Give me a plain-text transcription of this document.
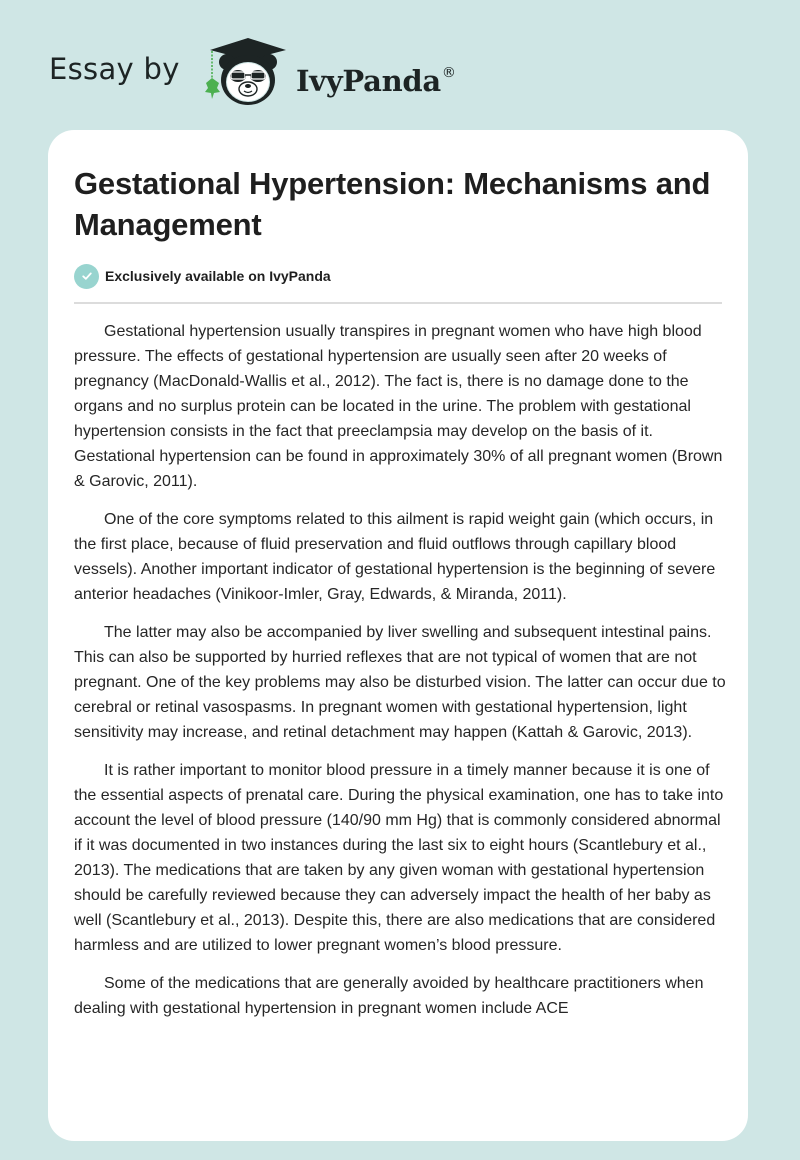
Essay by	IvyPanda®
Gestational Hypertension: Mechanisms and Management
Exclusively available on IvyPanda

Gestational hypertension usually transpires in pregnant women who have high blood pressure. The effects of gestational hypertension are usually seen after 20 weeks of pregnancy (MacDonald-Wallis et al., 2012). The fact is, there is no damage done to the organs and no surplus protein can be located in the urine. The problem with gestational hypertension consists in the fact that preeclampsia may develop on the basis of it. Gestational hypertension can be found in approximately 30% of all pregnant women (Brown & Garovic, 2011).

One of the core symptoms related to this ailment is rapid weight gain (which occurs, in the first place, because of fluid preservation and fluid outflows through capillary blood vessels). Another important indicator of gestational hypertension is the beginning of severe anterior headaches (Vinikoor-Imler, Gray, Edwards, & Miranda, 2011).

The latter may also be accompanied by liver swelling and subsequent intestinal pains. This can also be supported by hurried reflexes that are not typical of women that are not pregnant. One of the key problems may also be disturbed vision. The latter can occur due to cerebral or retinal vasospasms. In pregnant women with gestational hypertension, light sensitivity may increase, and retinal detachment may happen (Kattah & Garovic, 2013).

It is rather important to monitor blood pressure in a timely manner because it is one of the essential aspects of prenatal care. During the physical examination, one has to take into account the level of blood pressure (140/90 mm Hg) that is commonly considered abnormal if it was documented in two instances during the last six to eight hours (Scantlebury et al., 2013). The medications that are taken by any given woman with gestational hypertension should be carefully reviewed because they can adversely impact the health of her baby as well (Scantlebury et al., 2013). Despite this, there are also medications that are considered harmless and are utilized to lower pregnant women’s blood pressure.

Some of the medications that are generally avoided by healthcare practitioners when dealing with gestational hypertension in pregnant women include ACE
